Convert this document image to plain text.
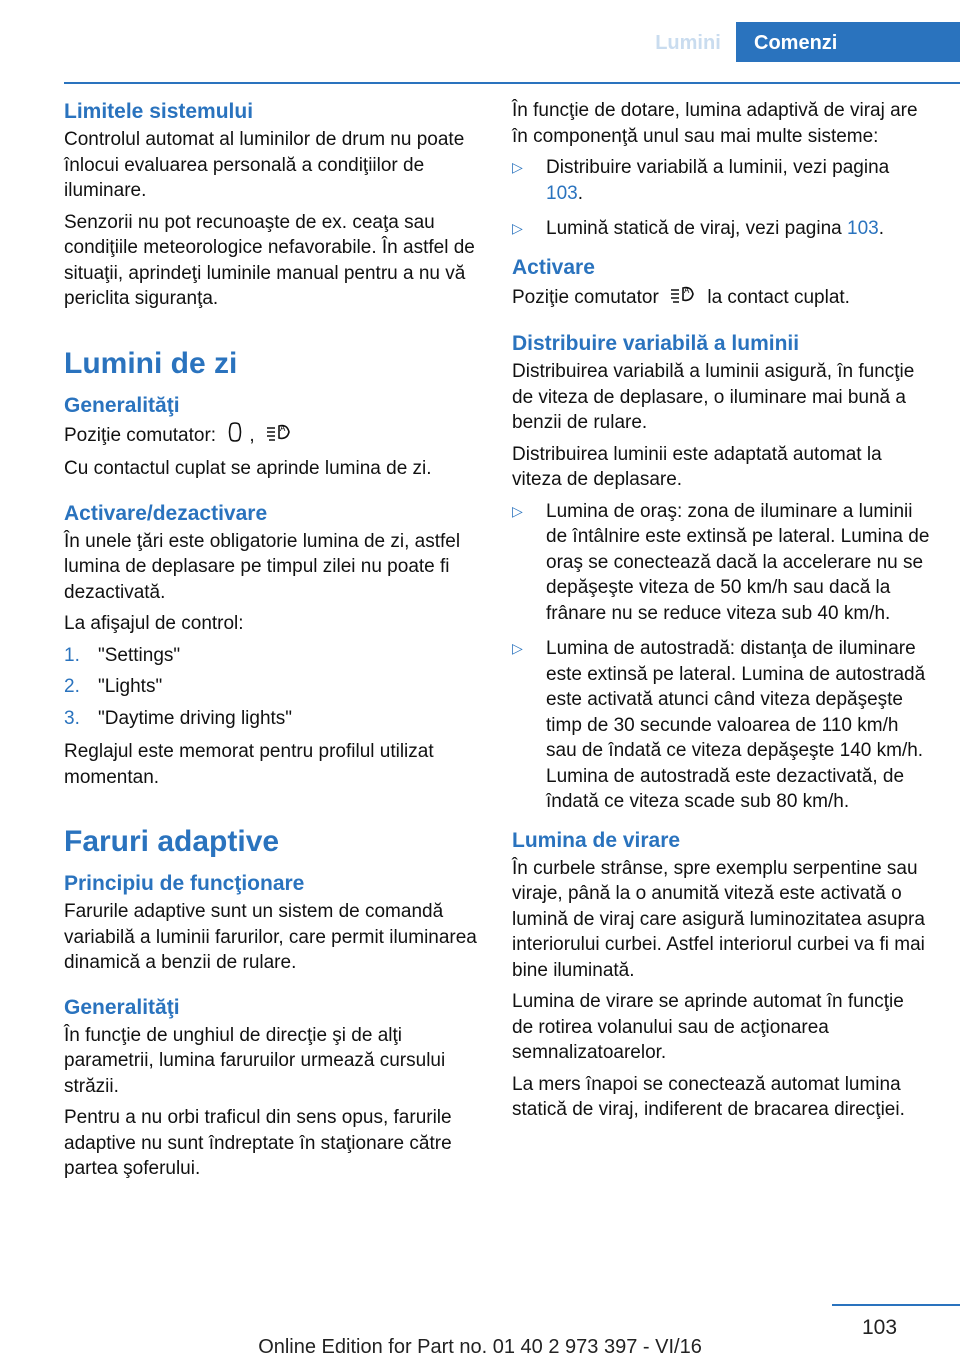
Lumini	Comenzi
Limitele sistemului

Controlul automat al luminilor de drum nu poate înlocui evaluarea personală a condiţiilor de iluminare.

Senzorii nu pot recunoaşte de ex. ceaţa sau condiţiile meteorologice nefavorabile. În astfel de situaţii, aprindeţi luminile manual pentru a nu vă periclita siguranţa.

Lumini de zi
Generalităţi

Poziţie comutator: ,	A

Cu contactul cuplat se aprinde lumina de zi.

Activare/dezactivare

În unele ţări este obligatorie lumina de zi, astfel lumina de deplasare pe timpul zilei nu poate fi dezactivată.

La afişajul de control:

1. "Settings"
2. "Lights"
3. "Daytime driving lights"

Reglajul este memorat pentru profilul utilizat momentan.

Faruri adaptive
Principiu de funcţionare

Farurile adaptive sunt un sistem de comandă variabilă a luminii farurilor, care permit iluminarea dinamică a benzii de rulare.

Generalităţi

În funcţie de unghiul de direcţie şi de alţi parametrii, lumina faruruilor urmează cursului străzii.

Pentru a nu orbi traficul din sens opus, farurile adaptive nu sunt îndreptate în staţionare către partea şoferului.

În funcţie de dotare, lumina adaptivă de viraj are în componenţă unul sau mai multe sisteme:

▷ Distribuire variabilă a luminii, vezi pagina 103.
▷ Lumină statică de viraj, vezi pagina 103.
Activare

Poziţie comutator	A la contact cuplat.

Distribuire variabilă a luminii

Distribuirea variabilă a luminii asigură, în funcţie de viteza de deplasare, o iluminare mai bună a benzii de rulare.

Distribuirea luminii este adaptată automat la viteza de deplasare.

▷ Lumina de oraş: zona de iluminare a luminii de întâlnire este extinsă pe lateral. Lumina de oraş se conectează dacă la accelerare nu se depăşeşte viteza de 50 km/h sau dacă la frânare nu se reduce viteza sub 40 km/h.
▷ Lumina de autostradă: distanţa de iluminare este extinsă pe lateral. Lumina de autostradă este activată atunci când viteza depăşeşte timp de 30 secunde valoarea de 110 km/h sau de îndată ce viteza depăşeşte 140 km/h. Lumina de autostradă este dezactivată, de îndată ce viteza scade sub 80 km/h.
Lumina de virare

În curbele strânse, spre exemplu serpentine sau viraje, până la o anumită viteză este activată o lumină de viraj care asigură luminozitatea asupra interiorului curbei. Astfel interiorul curbei va fi mai bine iluminată.

Lumina de virare se aprinde automat în funcţie de rotirea volanului sau de acţionarea semnalizatoarelor.

La mers înapoi se conectează automat lumina statică de viraj, indiferent de bracarea direcţiei.

103
Online Edition for Part no. 01 40 2 973 397 - VI/16
